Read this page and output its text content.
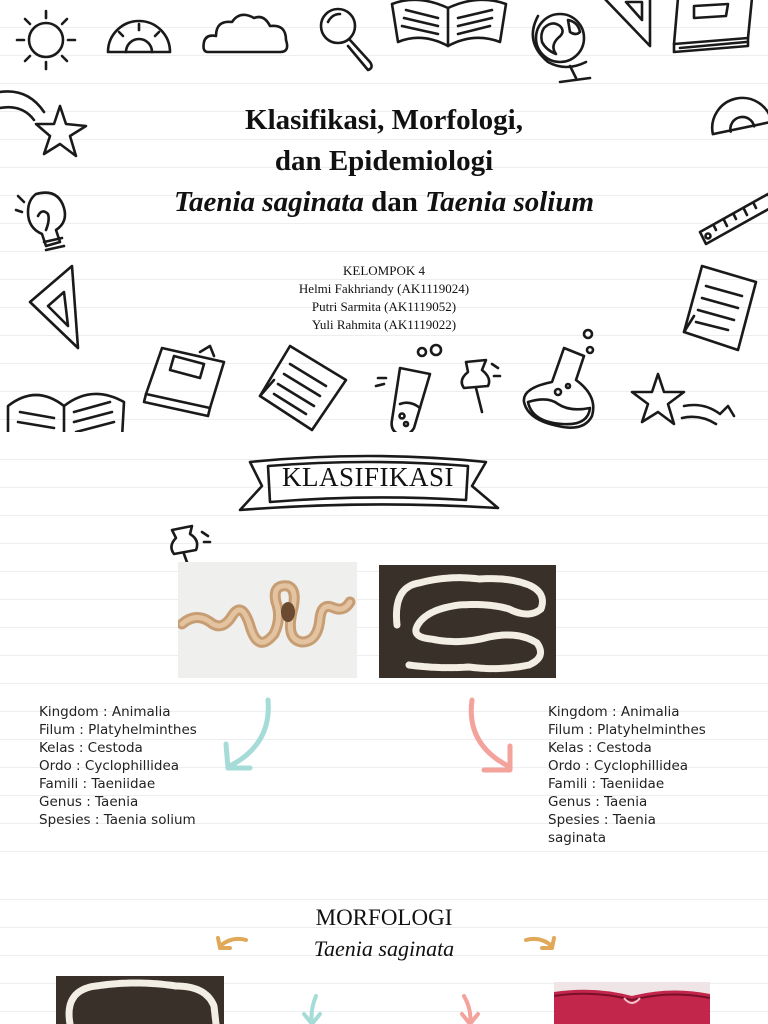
Klasifikasi, Morfologi,
dan Epidemiologi
Taenia saginata dan Taenia solium
KELOMPOK 4
Helmi Fakhriandy (AK1119024)
Putri Sarmita (AK1119052)
Yuli Rahmita (AK1119022)
KLASIFIKASI
Kingdom : Animalia
Filum : Platyhelminthes
Kelas : Cestoda
Ordo : Cyclophillidea
Famili : Taeniidae
Genus : Taenia
Spesies : Taenia solium
Kingdom : Animalia
Filum : Platyhelminthes
Kelas : Cestoda
Ordo : Cyclophillidea
Famili : Taeniidae
Genus : Taenia
Spesies : Taenia saginata
MORFOLOGI
Taenia saginata
